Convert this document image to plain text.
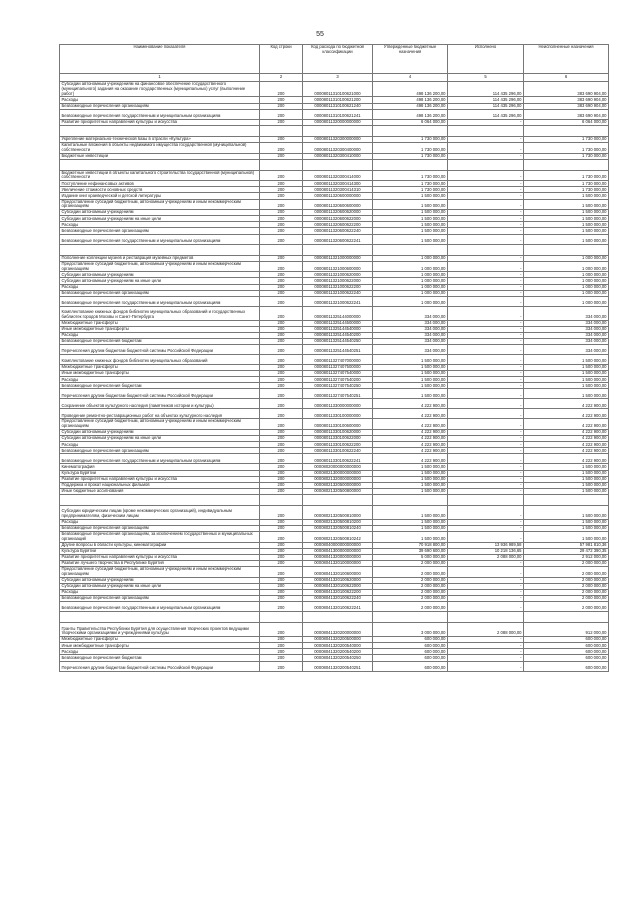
55
Наименование показателя	Код строки	Код расхода по бюджетной классификации	Утвержденные бюджетные назначения	Исполнено	Неисполненные назначения
1	2	3	4	5	6
Субсидии автономным учреждениям на финансовое обеспечение государственного (муниципального) задания на оказание государственных (муниципальных) услуг (выполнение работ)	200	00008011310100621000	498 136 200,00	114 435 296,00	383 690 904,00
Расходы	200	00008011310100621200	498 136 200,00	114 435 296,00	383 690 904,00
Безвозмездные перечисления организациям	200	00008011310100621240	498 136 200,00	114 435 296,00	383 690 904,00
Безвозмездные перечисления государственным и муниципальным организациям	200	00008011310100621241	498 136 200,00	114 435 296,00	383 690 904,00
Развитие приоритетных направлений культуры и искусства	200	00008011320000000000	6 064 000,00	-	6 064 000,00

Укрепление материально-технической базы в отрасли «Культура»	200	00008011320300000000	1 730 000,00	-	1 730 000,00
Капитальные вложения в объекты недвижимого имущества государственной (муниципальной) собственности	200	00008011320300400000	1 730 000,00	-	1 730 000,00
Бюджетные инвестиции	200	00008011320300410000	1 730 000,00	-	1 730 000,00

Бюджетные инвестиции в объекты капитального строительства государственной (муниципальной) собственности	200	00008011320300414000	1 730 000,00	-	1 730 000,00
Поступление нефинансовых активов	200	00008011320300414300	1 730 000,00	-	1 730 000,00
Увеличение стоимости основных средств	200	00008011320300414310	1 730 000,00	-	1 730 000,00
Издание книг краеведческой и детской литературы	200	00008011320600000000	1 500 000,00	-	1 500 000,00
Предоставление субсидий бюджетным, автономным учреждениям и иным некоммерческим организациям	200	00008011320600600000	1 500 000,00	-	1 500 000,00
Субсидии автономным учреждениям	200	00008011320600620000	1 500 000,00	-	1 500 000,00
Субсидии автономным учреждениям на иные цели	200	00008011320600622000	1 500 000,00	-	1 500 000,00
Расходы	200	00008011320600622200	1 500 000,00	-	1 500 000,00
Безвозмездные перечисления организациям	200	00008011320600622240	1 500 000,00	-	1 500 000,00
Безвозмездные перечисления государственным и муниципальным организациям	200	00008011320600622241	1 500 000,00	-	1 500 000,00

Пополнение коллекции музеев и реставрация музейных предметов	200	00008011321000000000	1 000 000,00	-	1 000 000,00
Предоставление субсидий бюджетным, автономным учреждениям и иным некоммерческим организациям	200	00008011321000600000	1 000 000,00	-	1 000 000,00
Субсидии автономным учреждениям	200	00008011321000620000	1 000 000,00	-	1 000 000,00
Субсидии автономным учреждениям на иные цели	200	00008011321000622000	1 000 000,00	-	1 000 000,00
Расходы	200	00008011321000622200	1 000 000,00	-	1 000 000,00
Безвозмездные перечисления организациям	200	00008011321000622240	1 000 000,00	-	1 000 000,00
Безвозмездные перечисления государственным и муниципальным организациям	200	00008011321000622241	1 000 000,00	-	1 000 000,00
Комплектование книжных фондов библиотек муниципальных образований и государственных библиотек городов Москвы и Санкт-Петербурга	200	00008011325144000000	334 000,00	-	334 000,00
Межбюджетные трансферты	200	00008011325144500000	334 000,00	-	334 000,00
Иные межбюджетные трансферты	200	00008011325144540000	334 000,00	-	334 000,00
Расходы	200	00008011325144540200	334 000,00	-	334 000,00
Безвозмездные перечисления бюджетам	200	00008011325144540250	334 000,00	-	334 000,00
Перечисления другим бюджетам бюджетной системы Российской Федерации	200	00008011325144540251	334 000,00	-	334 000,00
Комплектование книжных фондов библиотек муниципальных образований	200	00008011327407000000	1 500 000,00	-	1 500 000,00
Межбюджетные трансферты	200	00008011327407500000	1 500 000,00	-	1 500 000,00
Иные межбюджетные трансферты	200	00008011327407540000	1 500 000,00	-	1 500 000,00
Расходы	200	00008011327407540200	1 500 000,00	-	1 500 000,00
Безвозмездные перечисления бюджетам	200	00008011327407540250	1 500 000,00	-	1 500 000,00
Перечисления другим бюджетам бюджетной системы Российской Федерации	200	00008011327407540251	1 500 000,00	-	1 500 000,00
Сохранение объектов культурного наследия (памятников истории и культуры)	200	00008011330000000000	4 222 900,00	-	4 222 900,00
Проведение ремонтно-реставрационных работ на объектах культурного наследия	200	00008011330100000000	4 222 900,00	-	4 222 900,00
Предоставление субсидий бюджетным, автономным учреждениям и иным некоммерческим организациям	200	00008011330100600000	4 222 900,00	-	4 222 900,00
Субсидии автономным учреждениям	200	00008011330100620000	4 222 900,00	-	4 222 900,00
Субсидии автономным учреждениям на иные цели	200	00008011330100622000	4 222 900,00	-	4 222 900,00
Расходы	200	00008011330100622200	4 222 900,00	-	4 222 900,00
Безвозмездные перечисления организациям	200	00008011330100622240	4 222 900,00	-	4 222 900,00
Безвозмездные перечисления государственным и муниципальным организациям	200	00008011330100622241	4 222 900,00	-	4 222 900,00
Кинематография	200	00008020000000000000	1 500 000,00	-	1 500 000,00
Культура Бурятии	200	00008021300000000000	1 500 000,00	-	1 500 000,00
Развитие приоритетных направлений культуры и искусства	200	00008021320000000000	1 500 000,00	-	1 500 000,00
Поддержка и прокат национальных фильмов	200	00008021320500000000	1 500 000,00	-	1 500 000,00
Иные бюджетные ассигнования	200	00008021320500800000	1 500 000,00	-	1 500 000,00

Субсидии юридическим лицам (кроме некоммерческих организаций), индивидуальным предпринимателям, физическим лицам	200	00008021320500810000	1 500 000,00	-	1 500 000,00
Расходы	200	00008021320500810200	1 500 000,00	-	1 500 000,00
Безвозмездные перечисления организациям	200	00008021320500810240	1 500 000,00	-	1 500 000,00
Безвозмездные перечисления организациям, за исключением государственных и муниципальных организаций	200	00008021320500810242	1 500 000,00	-	1 500 000,00
Другие вопросы в области культуры, кинематографии	200	00008040000000000000	70 918 800,00	13 936 989,58	57 981 810,36
Культура Бурятии	200	00008041300000000000	39 690 600,00	10 218 136,65	29 472 390,35
Развитие приоритетных направлений культуры и искусства	200	00008041320000000000	5 000 000,00	2 088 000,00	2 912 000,00
Развитие лучшего творчества в Республике Бурятия	200	00008041320100000000	2 000 000,00	-	2 000 000,00
Предоставление субсидий бюджетным, автономным учреждениям и иным некоммерческим организациям	200	00008041320100600000	2 000 000,00	-	2 000 000,00
Субсидии автономным учреждениям	200	00008041320100620000	2 000 000,00	-	2 000 000,00
Субсидии автономным учреждениям на иные цели	200	00008041320100622000	2 000 000,00	-	2 000 000,00
Расходы	200	00008041320100622200	2 000 000,00	-	2 000 000,00
Безвозмездные перечисления организациям	200	00008041320100622240	2 000 000,00	-	2 000 000,00
Безвозмездные перечисления государственным и муниципальным организациям	200	00008041320100622241	2 000 000,00	-	2 000 000,00

Гранты Правительства Республики Бурятия для осуществления творческих проектов ведущими творческими организациями и учреждениями культуры	200	00008041320200000000	3 000 000,00	2 088 000,00	912 000,00
Межбюджетные трансферты	200	00008041320200500000	600 000,00	-	600 000,00
Иные межбюджетные трансферты	200	00008041320200540000	600 000,00	-	600 000,00
Расходы	200	00008041320200540200	600 000,00	-	600 000,00
Безвозмездные перечисления бюджетам	200	00008041320200540250	600 000,00	-	600 000,00
Перечисления другим бюджетам бюджетной системы Российской Федерации	200	00008041320200540251	600 000,00	-	600 000,00
